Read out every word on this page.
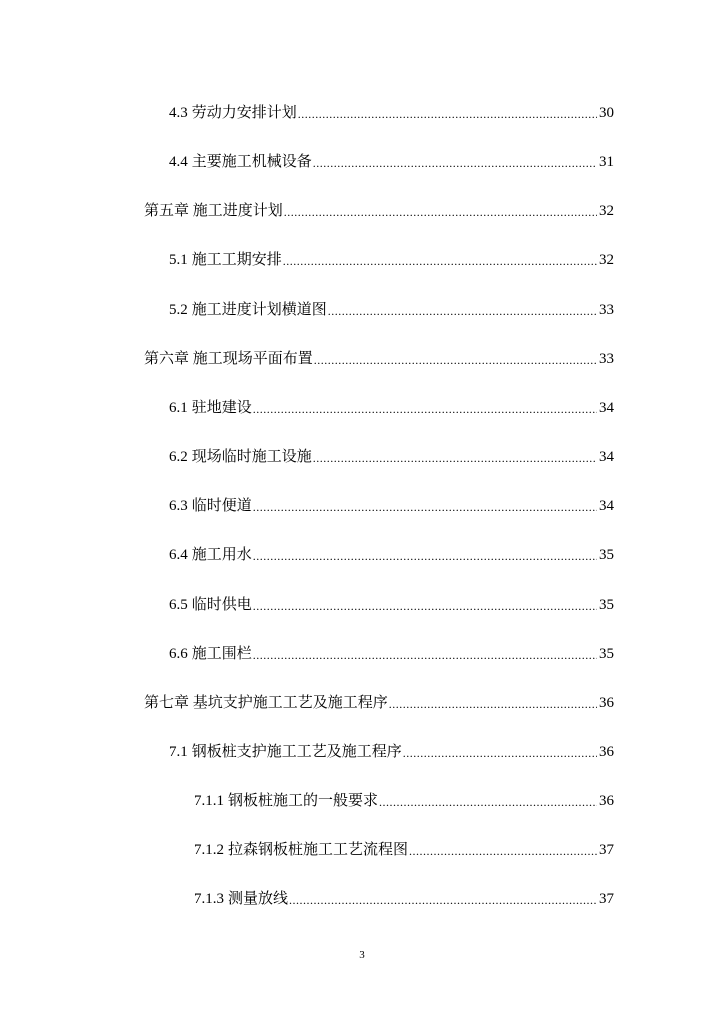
4.3 劳动力安排计划 .....	30
4.4 主要施工机械设备 .....	31
第五章 施工进度计划 .....	32
5.1 施工工期安排 .....	32
5.2 施工进度计划横道图 .....	33
第六章 施工现场平面布置 .....	33
6.1 驻地建设 .....	34
6.2 现场临时施工设施 .....	34
6.3 临时便道 .....	34
6.4 施工用水 .....	35
6.5 临时供电 .....	35
6.6 施工围栏 .....	35
第七章 基坑支护施工工艺及施工程序 .....	36
7.1 钢板桩支护施工工艺及施工程序 .....	36
7.1.1 钢板桩施工的一般要求 .....	36
7.1.2 拉森钢板桩施工工艺流程图 .....	37
7.1.3 测量放线 .....	37
3
